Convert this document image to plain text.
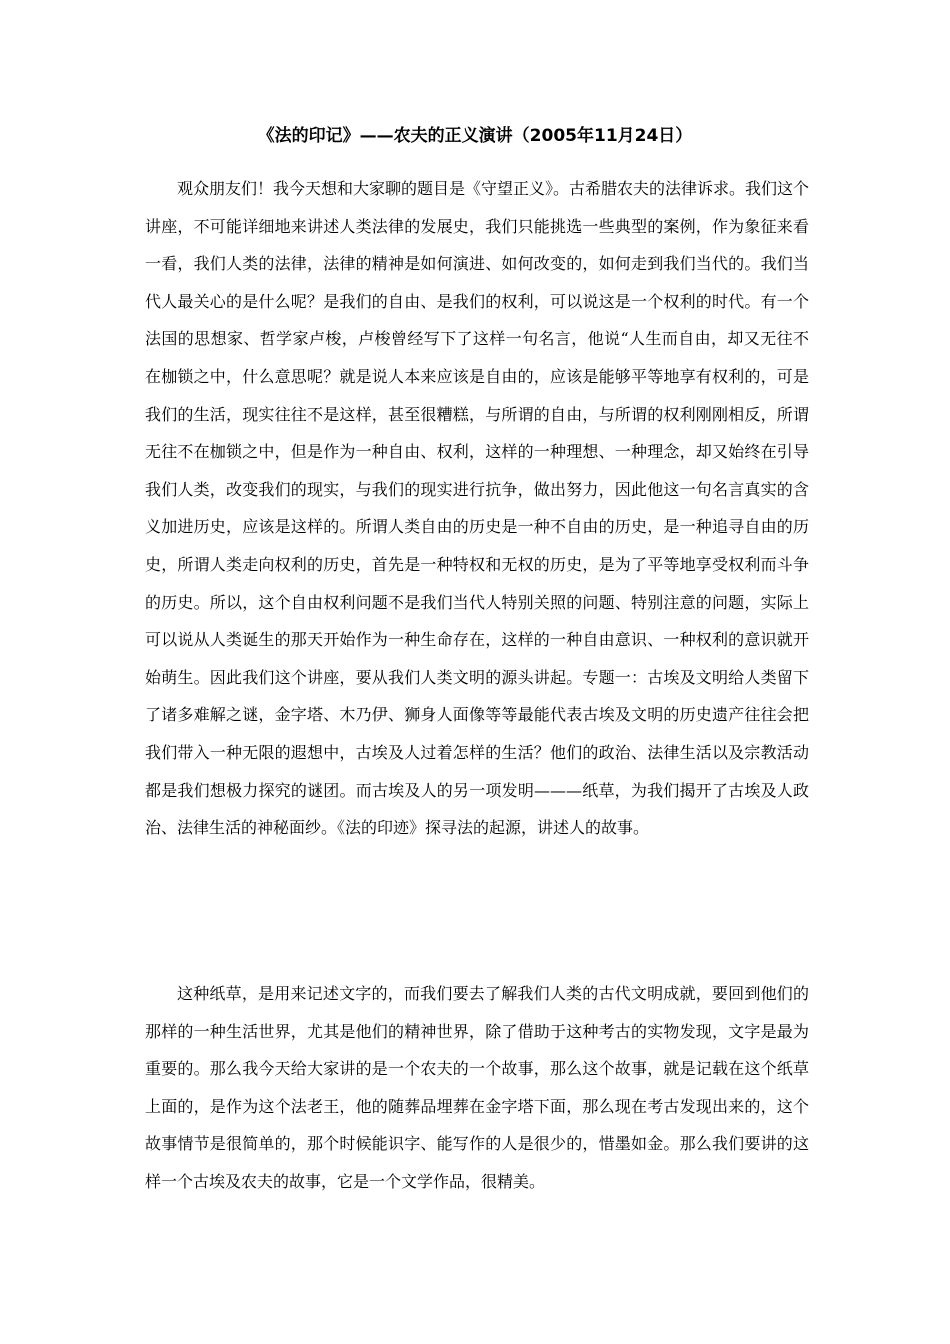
《法的印记》——农夫的正义演讲（2005年11月24日）

观众朋友们！我今天想和大家聊的题目是《守望正义》。古希腊农夫的法律诉求。我们这个讲座，不可能详细地来讲述人类法律的发展史，我们只能挑选一些典型的案例，作为象征来看一看，我们人类的法律，法律的精神是如何演进、如何改变的，如何走到我们当代的。我们当代人最关心的是什么呢？是我们的自由、是我们的权利，可以说这是一个权利的时代。有一个法国的思想家、哲学家卢梭，卢梭曾经写下了这样一句名言，他说“人生而自由，却又无往不在枷锁之中，什么意思呢？就是说人本来应该是自由的，应该是能够平等地享有权利的，可是我们的生活，现实往往不是这样，甚至很糟糕，与所谓的自由，与所谓的权利刚刚相反，所谓无往不在枷锁之中，但是作为一种自由、权利，这样的一种理想、一种理念，却又始终在引导我们人类，改变我们的现实，与我们的现实进行抗争，做出努力，因此他这一句名言真实的含义加进历史，应该是这样的。所谓人类自由的历史是一种不自由的历史，是一种追寻自由的历史，所谓人类走向权利的历史，首先是一种特权和无权的历史，是为了平等地享受权利而斗争的历史。所以，这个自由权利问题不是我们当代人特别关照的问题、特别注意的问题，实际上可以说从人类诞生的那天开始作为一种生命存在，这样的一种自由意识、一种权利的意识就开始萌生。因此我们这个讲座，要从我们人类文明的源头讲起。专题一：古埃及文明给人类留下了诸多难解之谜，金字塔、木乃伊、狮身人面像等等最能代表古埃及文明的历史遗产往往会把我们带入一种无限的遐想中，古埃及人过着怎样的生活？他们的政治、法律生活以及宗教活动都是我们想极力探究的谜团。而古埃及人的另一项发明———纸草，为我们揭开了古埃及人政治、法律生活的神秘面纱。《法的印迹》探寻法的起源，讲述人的故事。

这种纸草，是用来记述文字的，而我们要去了解我们人类的古代文明成就，要回到他们的那样的一种生活世界，尤其是他们的精神世界，除了借助于这种考古的实物发现，文字是最为重要的。那么我今天给大家讲的是一个农夫的一个故事，那么这个故事，就是记载在这个纸草上面的，是作为这个法老王，他的随葬品埋葬在金字塔下面，那么现在考古发现出来的，这个故事情节是很简单的，那个时候能识字、能写作的人是很少的，惜墨如金。那么我们要讲的这样一个古埃及农夫的故事，它是一个文学作品，很精美。
